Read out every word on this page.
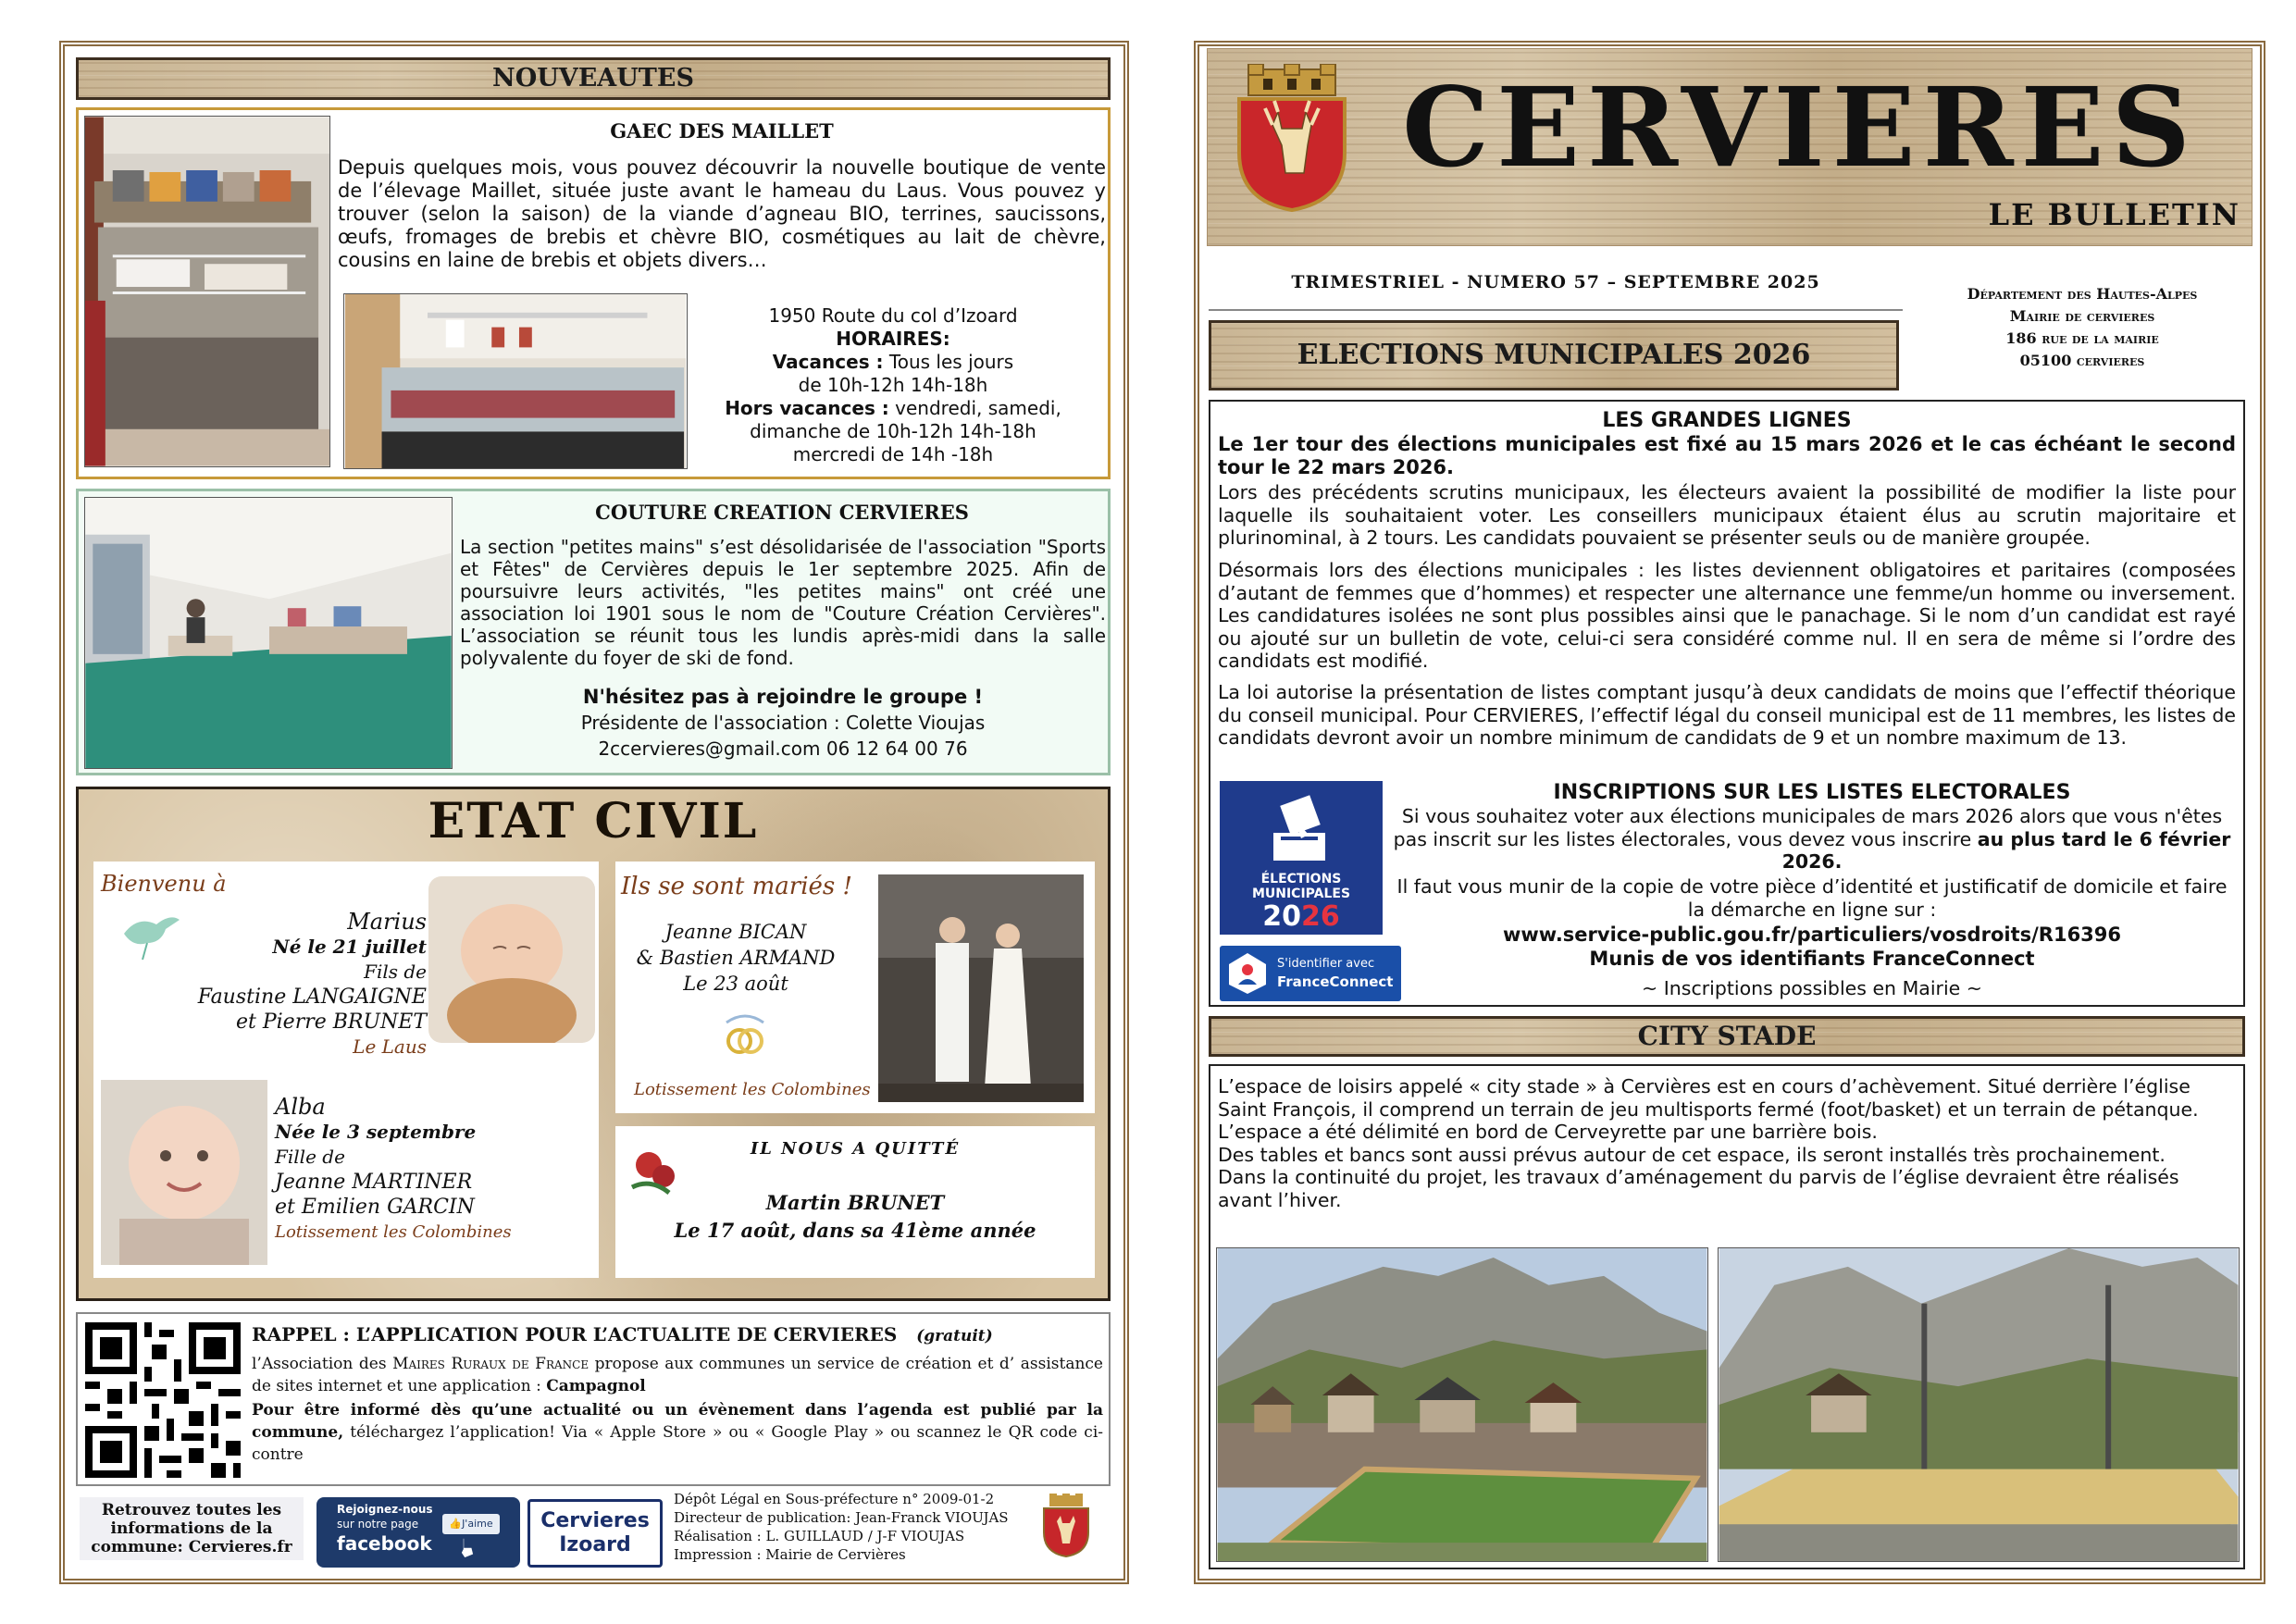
NOUVEAUTES
GAEC DES MAILLET
Depuis quelques mois, vous pouvez découvrir la nouvelle boutique de vente de l’élevage Maillet, située juste avant le hameau du Laus. Vous pouvez y trouver (selon la saison) de la viande d’agneau BIO, terrines, saucissons, œufs, fromages de brebis et chèvre BIO, cosmétiques au lait de chèvre, cousins en laine de brebis et objets divers…
1950 Route du col d’Izoard
HORAIRES:
Vacances : Tous les jours
de 10h-12h 14h-18h
Hors vacances : vendredi, samedi,
dimanche de 10h-12h 14h-18h
mercredi de 14h -18h
COUTURE CREATION CERVIERES
La section "petites mains" s’est désolidarisée de l'association "Sports et Fêtes" de Cervières depuis le 1er septembre 2025. Afin de poursuivre leurs activités, "les petites mains" ont créé une association loi 1901 sous le nom de "Couture Création Cervières". L’association se réunit tous les lundis après-midi dans la salle polyvalente du foyer de ski de fond.
N'hésitez pas à rejoindre le groupe !
Présidente de l'association : Colette Vioujas
2ccervieres@gmail.com 06 12 64 00 76
ETAT CIVIL
Bienvenu à
Marius
Né le 21 juillet
Fils de
Faustine LANGAIGNE
et Pierre BRUNET
Le Laus
Alba
Née le 3 septembre
Fille de
Jeanne MARTINER
et Emilien GARCIN
Lotissement les Colombines
Ils se sont mariés !
Jeanne BICAN
& Bastien ARMAND
Le 23 août
Lotissement les Colombines
IL NOUS A QUITTÉ
Martin BRUNET
Le 17 août, dans sa 41ème année
RAPPEL : L’APPLICATION POUR L’ACTUALITE DE CERVIERES (gratuit)
l’Association des Maires Ruraux de France propose aux communes un service de création et d’ assistance de sites internet et une application : Campagnol
Pour être informé dès qu’une actualité ou un évènement dans l’agenda est publié par la commune, téléchargez l’application! Via « Apple Store » ou « Google Play » ou scannez le QR code ci-contre
Retrouvez toutes les informations de la commune: Cervieres.fr
Rejoignez-nous
sur notre page
facebook
👍J'aime	Cervieres
Izoard
Dépôt Légal en Sous-préfecture n° 2009-01-2
Directeur de publication: Jean-Franck VIOUJAS
Réalisation : L. GUILLAUD / J-F VIOUJAS
Impression : Mairie de Cervières
CERVIERES
LE BULLETIN
TRIMESTRIEL - NUMERO 57 – SEPTEMBRE 2025
Département des Hautes-Alpes
Mairie de cervieres
186 rue de la mairie
05100 cervieres
ELECTIONS MUNICIPALES 2026
LES GRANDES LIGNES
Le 1er tour des élections municipales est fixé au 15 mars 2026 et le cas échéant le second tour le 22 mars 2026.
Lors des précédents scrutins municipaux, les électeurs avaient la possibilité de modifier la liste pour laquelle ils souhaitaient voter. Les conseillers municipaux étaient élus au scrutin majoritaire et plurinominal, à 2 tours. Les candidats pouvaient se présenter seuls ou de manière groupée.
Désormais lors des élections municipales : les listes deviennent obligatoires et paritaires (composées d’autant de femmes que d’hommes) et respecter une alternance une femme/un homme ou inversement. Les candidatures isolées ne sont plus possibles ainsi que le panachage. Si le nom d’un candidat est rayé ou ajouté sur un bulletin de vote, celui-ci sera considéré comme nul. Il en sera de même si l’ordre des candidats est modifié.
La loi autorise la présentation de listes comptant jusqu’à deux candidats de moins que l’effectif théorique du conseil municipal. Pour CERVIERES, l’effectif légal du conseil municipal est de 11 membres, les listes de candidats devront avoir un nombre minimum de candidats de 9 et un nombre maximum de 13.
ÉLECTIONS
MUNICIPALES
2026
S'identifier avec
FranceConnect
INSCRIPTIONS SUR LES LISTES ELECTORALES
Si vous souhaitez voter aux élections municipales de mars 2026 alors que vous n'êtes pas inscrit sur les listes électorales, vous devez vous inscrire au plus tard le 6 février 2026.
Il faut vous munir de la copie de votre pièce d’identité et justificatif de domicile et faire la démarche en ligne sur :
www.service-public.gou.fr/particuliers/vosdroits/R16396
Munis de vos identifiants FranceConnect
~ Inscriptions possibles en Mairie ~
CITY STADE
L’espace de loisirs appelé « city stade » à Cervières est en cours d’achèvement. Situé derrière l’église Saint François, il comprend un terrain de jeu multisports fermé (foot/basket) et un terrain de pétanque.
L’espace a été délimité en bord de Cerveyrette par une barrière bois.
Des tables et bancs sont aussi prévus autour de cet espace, ils seront installés très prochainement.
Dans la continuité du projet, les travaux d’aménagement du parvis de l’église devraient être réalisés avant l’hiver.
